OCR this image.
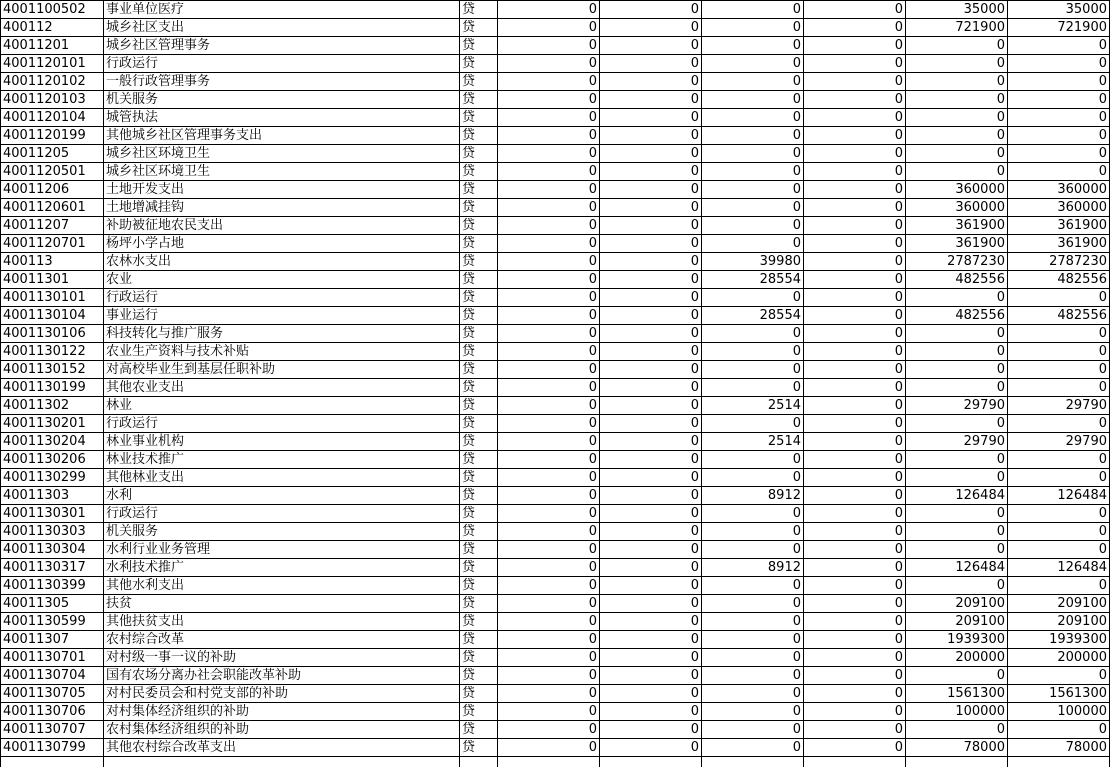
4001100502	事业单位医疗	贷	0	0	0	0	35000	35000
400112	城乡社区支出	贷	0	0	0	0	721900	721900
40011201	城乡社区管理事务	贷	0	0	0	0	0	0
4001120101	行政运行	贷	0	0	0	0	0	0
4001120102	一般行政管理事务	贷	0	0	0	0	0	0
4001120103	机关服务	贷	0	0	0	0	0	0
4001120104	城管执法	贷	0	0	0	0	0	0
4001120199	其他城乡社区管理事务支出	贷	0	0	0	0	0	0
40011205	城乡社区环境卫生	贷	0	0	0	0	0	0
4001120501	城乡社区环境卫生	贷	0	0	0	0	0	0
40011206	土地开发支出	贷	0	0	0	0	360000	360000
4001120601	土地增减挂钩	贷	0	0	0	0	360000	360000
40011207	补助被征地农民支出	贷	0	0	0	0	361900	361900
4001120701	杨坪小学占地	贷	0	0	0	0	361900	361900
400113	农林水支出	贷	0	0	39980	0	2787230	2787230
40011301	农业	贷	0	0	28554	0	482556	482556
4001130101	行政运行	贷	0	0	0	0	0	0
4001130104	事业运行	贷	0	0	28554	0	482556	482556
4001130106	科技转化与推广服务	贷	0	0	0	0	0	0
4001130122	农业生产资料与技术补贴	贷	0	0	0	0	0	0
4001130152	对高校毕业生到基层任职补助	贷	0	0	0	0	0	0
4001130199	其他农业支出	贷	0	0	0	0	0	0
40011302	林业	贷	0	0	2514	0	29790	29790
4001130201	行政运行	贷	0	0	0	0	0	0
4001130204	林业事业机构	贷	0	0	2514	0	29790	29790
4001130206	林业技术推广	贷	0	0	0	0	0	0
4001130299	其他林业支出	贷	0	0	0	0	0	0
40011303	水利	贷	0	0	8912	0	126484	126484
4001130301	行政运行	贷	0	0	0	0	0	0
4001130303	机关服务	贷	0	0	0	0	0	0
4001130304	水利行业业务管理	贷	0	0	0	0	0	0
4001130317	水利技术推广	贷	0	0	8912	0	126484	126484
4001130399	其他水利支出	贷	0	0	0	0	0	0
40011305	扶贫	贷	0	0	0	0	209100	209100
4001130599	其他扶贫支出	贷	0	0	0	0	209100	209100
40011307	农村综合改革	贷	0	0	0	0	1939300	1939300
4001130701	对村级一事一议的补助	贷	0	0	0	0	200000	200000
4001130704	国有农场分离办社会职能改革补助	贷	0	0	0	0	0	0
4001130705	对村民委员会和村党支部的补助	贷	0	0	0	0	1561300	1561300
4001130706	对村集体经济组织的补助	贷	0	0	0	0	100000	100000
4001130707	农村集体经济组织的补助	贷	0	0	0	0	0	0
4001130799	其他农村综合改革支出	贷	0	0	0	0	78000	78000
